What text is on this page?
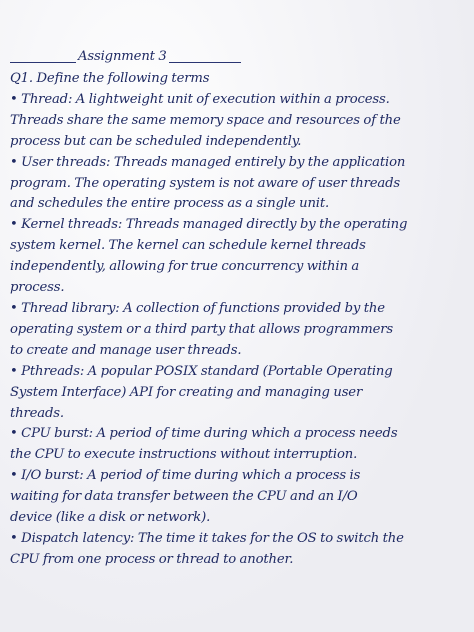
Assignment 3
Q1. Define the following terms
• Thread: A lightweight unit of execution within a process.
Threads share the same memory space and resources of the
process but can be scheduled independently.
• User threads: Threads managed entirely by the application
program. The operating system is not aware of user threads
and schedules the entire process as a single unit.
• Kernel threads: Threads managed directly by the operating
system kernel. The kernel can schedule kernel threads
independently, allowing for true concurrency within a
process.
• Thread library: A collection of functions provided by the
operating system or a third party that allows programmers
to create and manage user threads.
• Pthreads: A popular POSIX standard (Portable Operating
System Interface) API for creating and managing user
threads.
• CPU burst: A period of time during which a process needs
the CPU to execute instructions without interruption.
• I/O burst: A period of time during which a process is
waiting for data transfer between the CPU and an I/O
device (like a disk or network).
• Dispatch latency: The time it takes for the OS to switch the
CPU from one process or thread to another.
